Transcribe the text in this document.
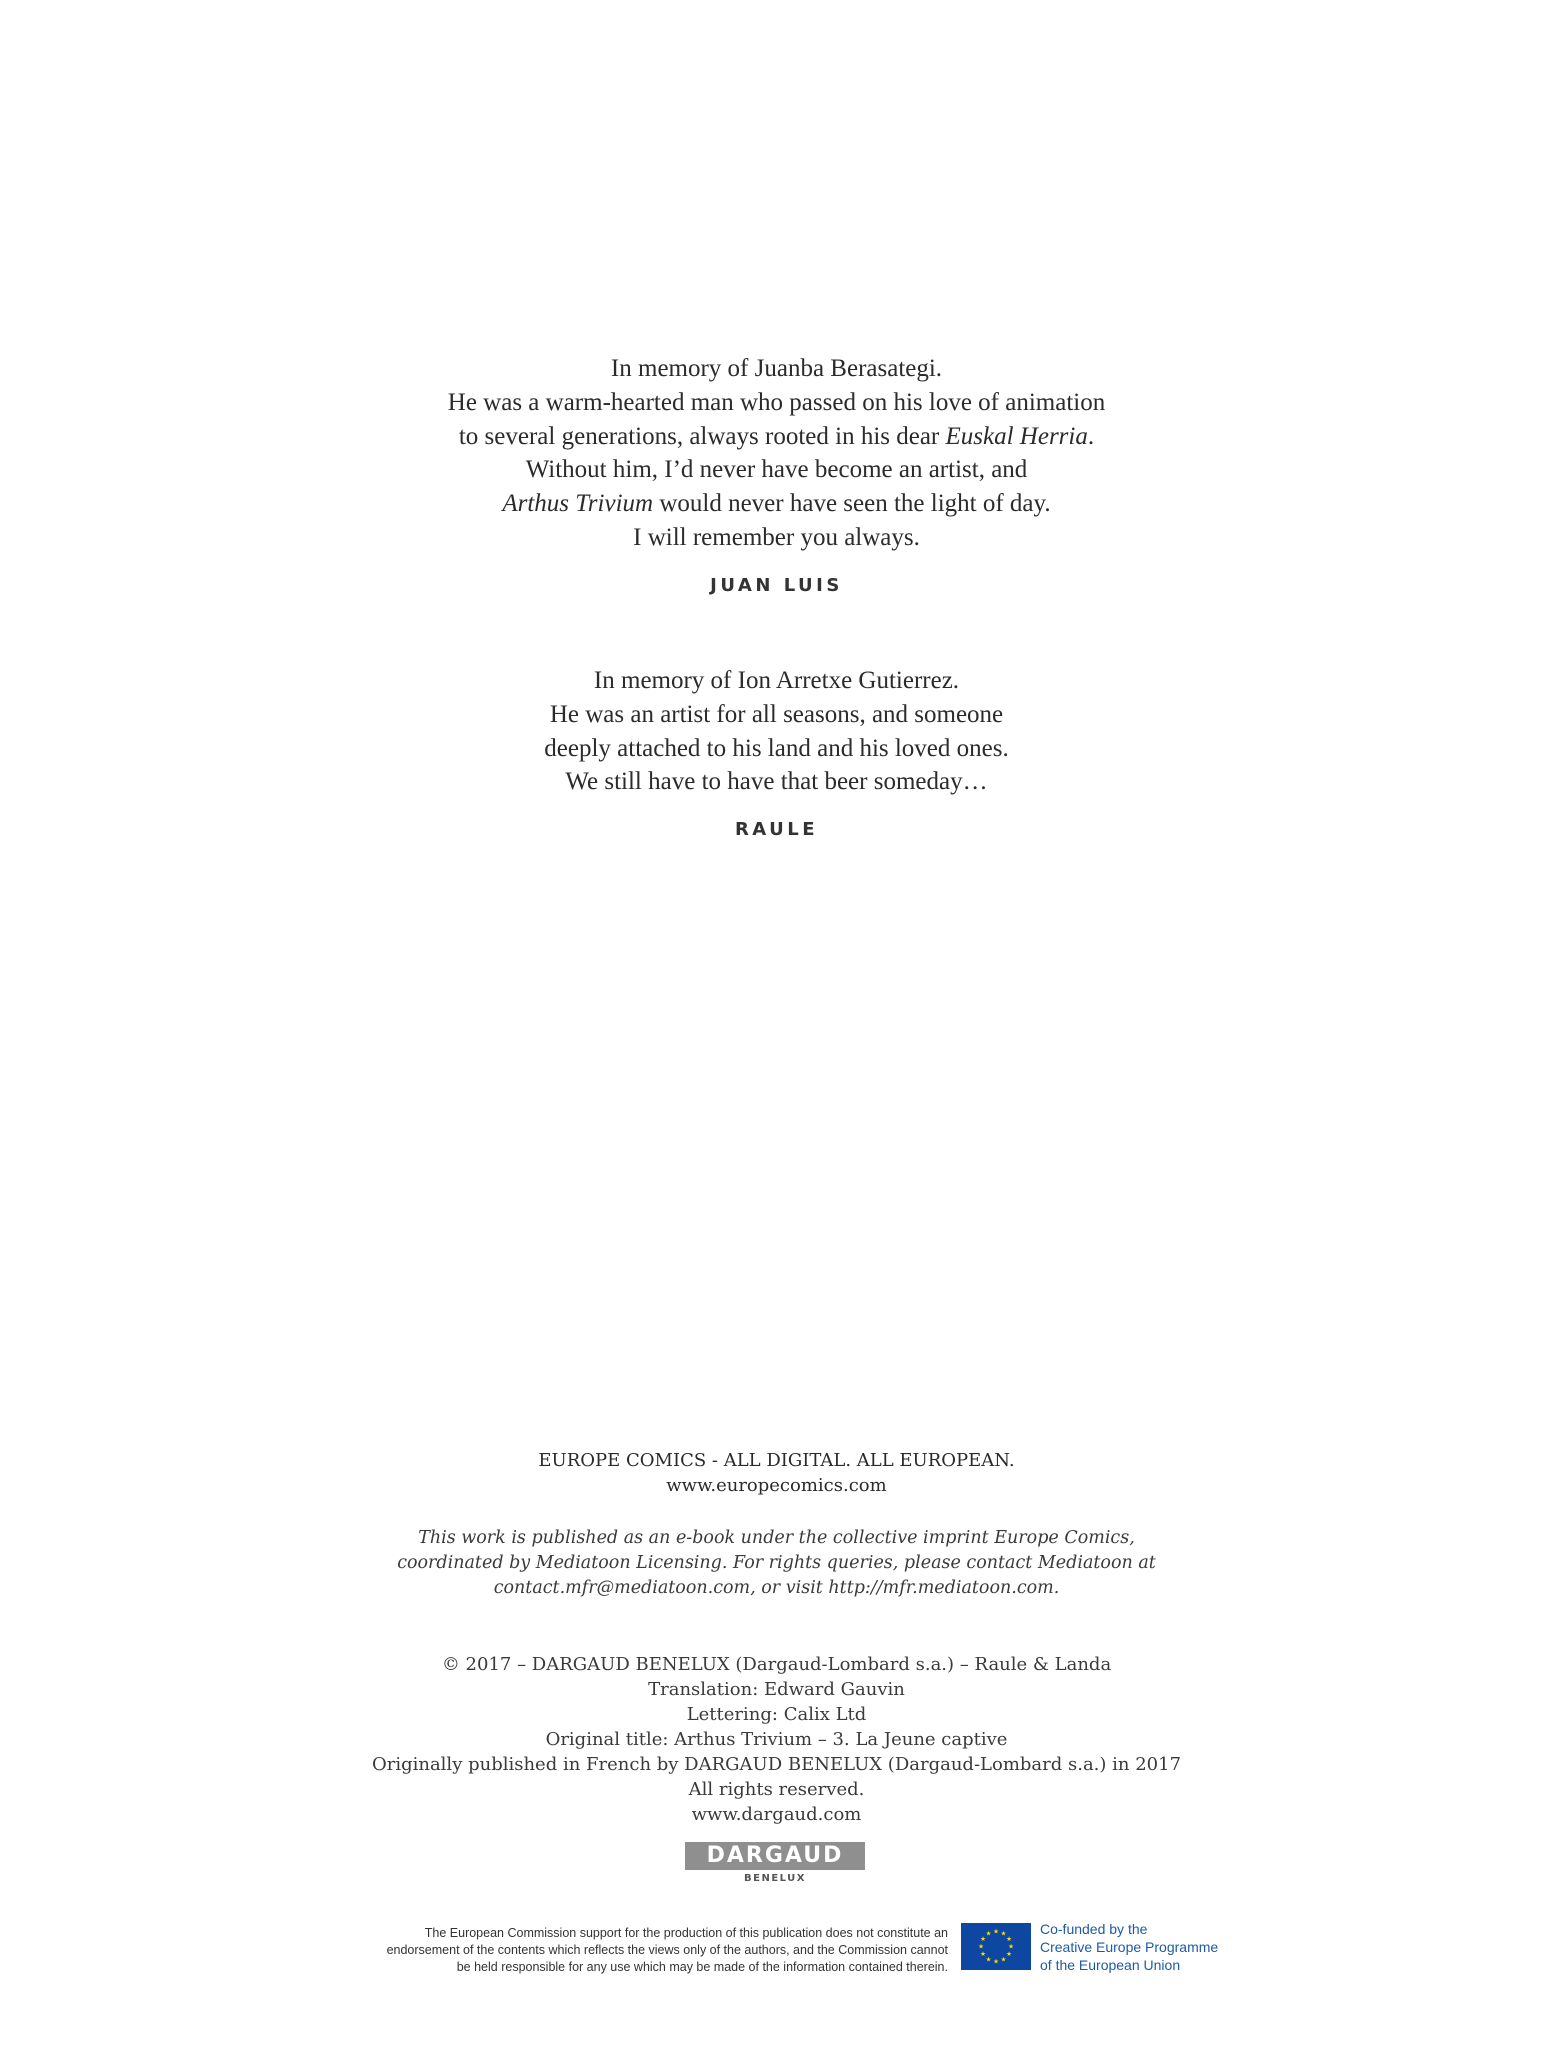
In memory of Juanba Berasategi.
He was a warm-hearted man who passed on his love of animation
to several generations, always rooted in his dear Euskal Herria.
Without him, I’d never have become an artist, and
Arthus Trivium would never have seen the light of day.
I will remember you always.
JUAN LUIS
In memory of Ion Arretxe Gutierrez.
He was an artist for all seasons, and someone
deeply attached to his land and his loved ones.
We still have to have that beer someday…
RAULE
EUROPE COMICS - ALL DIGITAL. ALL EUROPEAN.
www.europecomics.com
This work is published as an e-book under the collective imprint Europe Comics,
coordinated by Mediatoon Licensing. For rights queries, please contact Mediatoon at
contact.mfr@mediatoon.com, or visit http://mfr.mediatoon.com.
© 2017 – DARGAUD BENELUX (Dargaud-Lombard s.a.) – Raule & Landa
Translation: Edward Gauvin
Lettering: Calix Ltd
Original title: Arthus Trivium – 3. La Jeune captive
Originally published in French by DARGAUD BENELUX (Dargaud-Lombard s.a.) in 2017
All rights reserved.
www.dargaud.com
DARGAUD
BENELUX
The European Commission support for the production of this publication does not constitute an
endorsement of the contents which reflects the views only of the authors, and the Commission cannot
be held responsible for any use which may be made of the information contained therein.
★ ★
★
★
★
★
★
★
★
★
★
★	Co-funded by the
Creative Europe Programme
of the European Union
